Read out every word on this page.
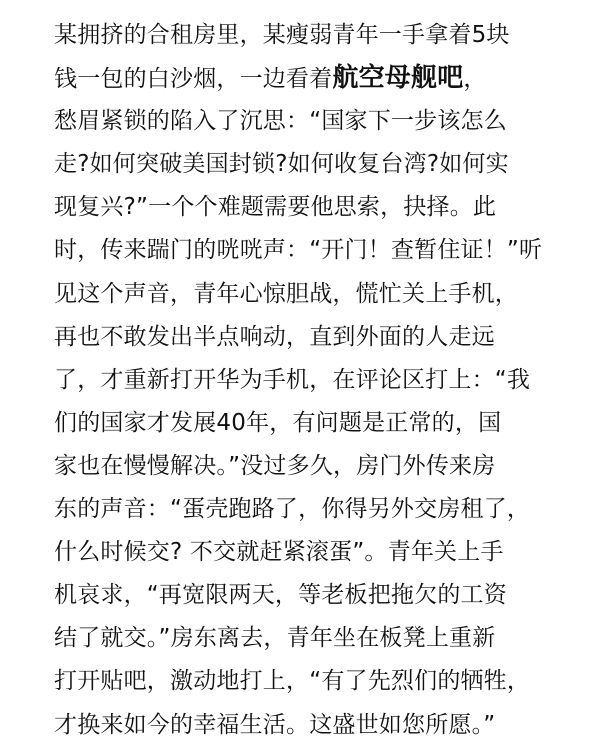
某拥挤的合租房里，某瘦弱青年一手拿着5块
钱一包的白沙烟，一边看着航空母舰吧，
愁眉紧锁的陷入了沉思：“国家下一步该怎么
走?如何突破美国封锁?如何收复台湾?如何实
现复兴?”一个个难题需要他思索，抉择。此
时，传来踹门的咣咣声：“开门！查暂住证！”听
见这个声音，青年心惊胆战，慌忙关上手机，
再也不敢发出半点响动，直到外面的人走远
了，才重新打开华为手机，在评论区打上：“我
们的国家才发展40年，有问题是正常的，国
家也在慢慢解决。”没过多久，房门外传来房
东的声音：“蛋壳跑路了，你得另外交房租了，
什么时候交? 不交就赶紧滚蛋”。青年关上手
机哀求，“再宽限两天，等老板把拖欠的工资
结了就交。”房东离去，青年坐在板凳上重新
打开贴吧，激动地打上，“有了先烈们的牺牲，
才换来如今的幸福生活。这盛世如您所愿。”
